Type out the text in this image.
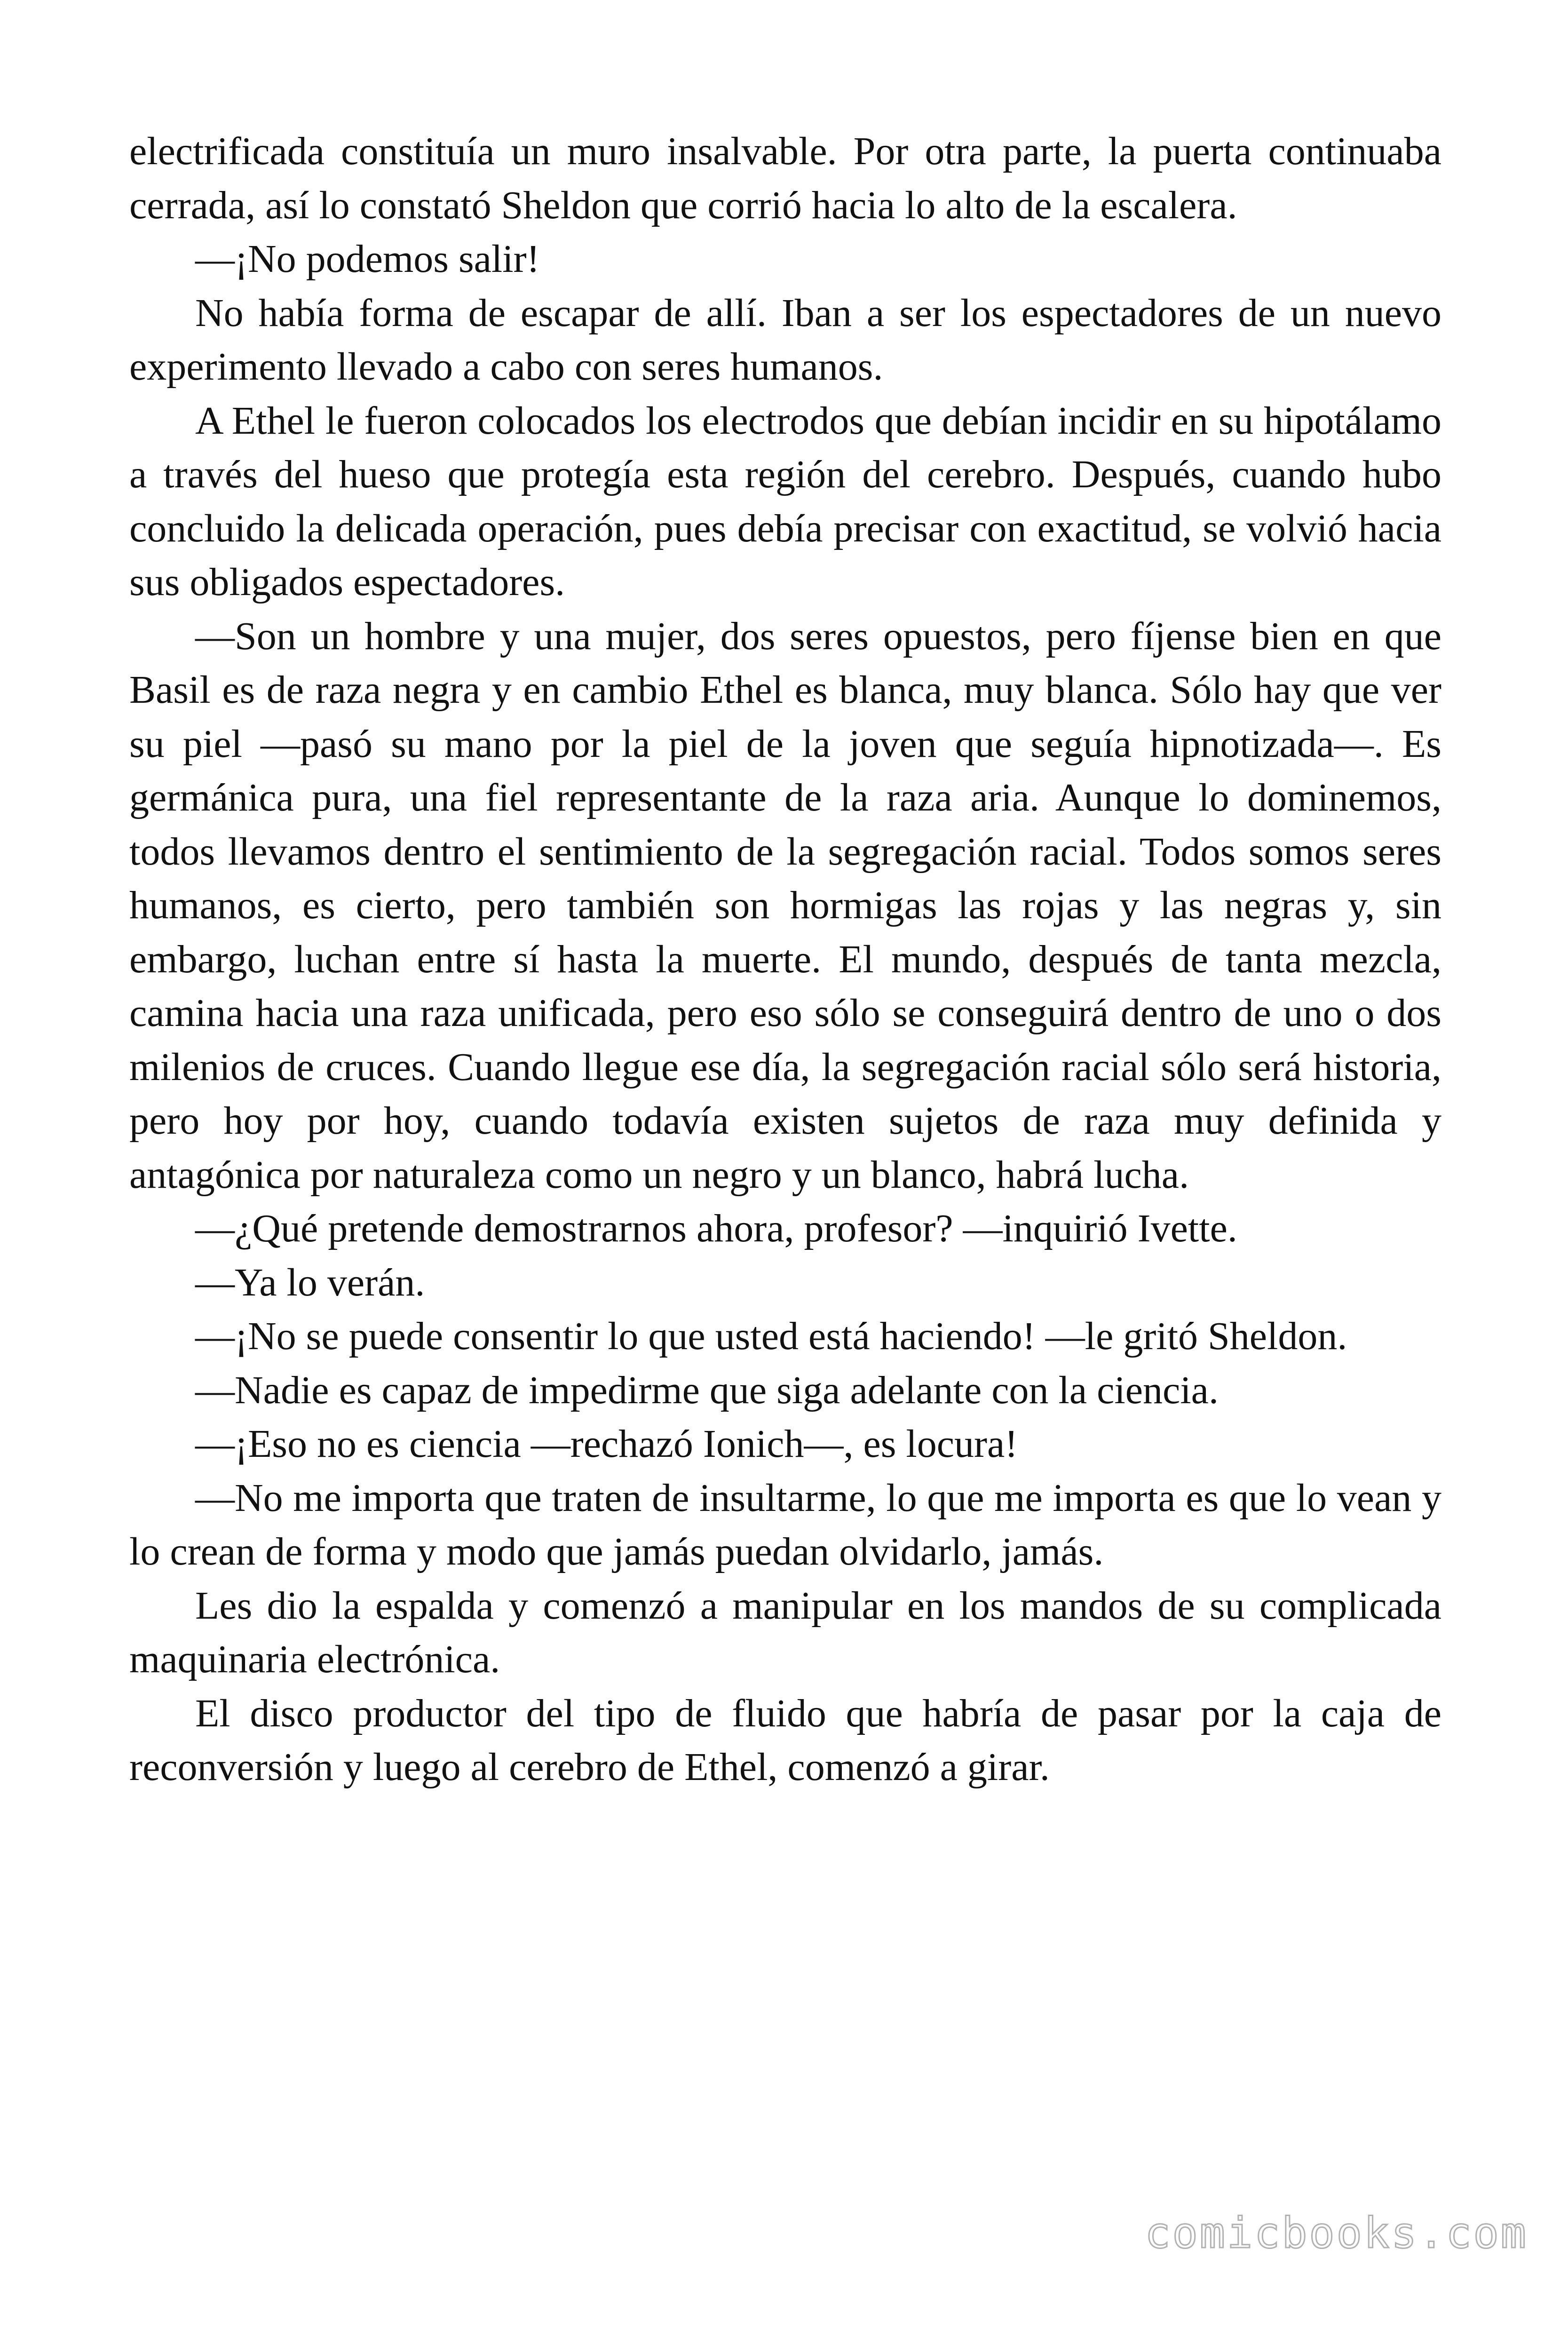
electrificada constituía un muro insalvable. Por otra parte, la puerta continuaba cerrada, así lo constató Sheldon que corrió hacia lo alto de la escalera.

—¡No podemos salir!

No había forma de escapar de allí. Iban a ser los espectadores de un nuevo experimento llevado a cabo con seres humanos.

A Ethel le fueron colocados los electrodos que debían incidir en su hipotálamo a través del hueso que protegía esta región del cerebro. Después, cuando hubo concluido la delicada operación, pues debía precisar con exactitud, se volvió hacia sus obligados espectadores.

—Son un hombre y una mujer, dos seres opuestos, pero fíjense bien en que Basil es de raza negra y en cambio Ethel es blanca, muy blanca. Sólo hay que ver su piel —pasó su mano por la piel de la joven que seguía hipnotizada—. Es germánica pura, una fiel representante de la raza aria. Aunque lo dominemos, todos llevamos dentro el sentimiento de la segregación racial. Todos somos seres humanos, es cierto, pero también son hormigas las rojas y las negras y, sin embargo, luchan entre sí hasta la muerte. El mundo, después de tanta mezcla, camina hacia una raza unificada, pero eso sólo se conseguirá dentro de uno o dos milenios de cruces. Cuando llegue ese día, la segregación racial sólo será historia, pero hoy por hoy, cuando todavía existen sujetos de raza muy definida y antagónica por naturaleza como un negro y un blanco, habrá lucha.

—¿Qué pretende demostrarnos ahora, profesor? —inquirió Ivette.

—Ya lo verán.

—¡No se puede consentir lo que usted está haciendo! —le gritó Sheldon.

—Nadie es capaz de impedirme que siga adelante con la ciencia.

—¡Eso no es ciencia —rechazó Ionich—, es locura!

—No me importa que traten de insultarme, lo que me importa es que lo vean y lo crean de forma y modo que jamás puedan olvidarlo, jamás.

Les dio la espalda y comenzó a manipular en los mandos de su complicada maquinaria electrónica.

El disco productor del tipo de fluido que habría de pasar por la caja de reconversión y luego al cerebro de Ethel, comenzó a girar.

comicbooks.com
